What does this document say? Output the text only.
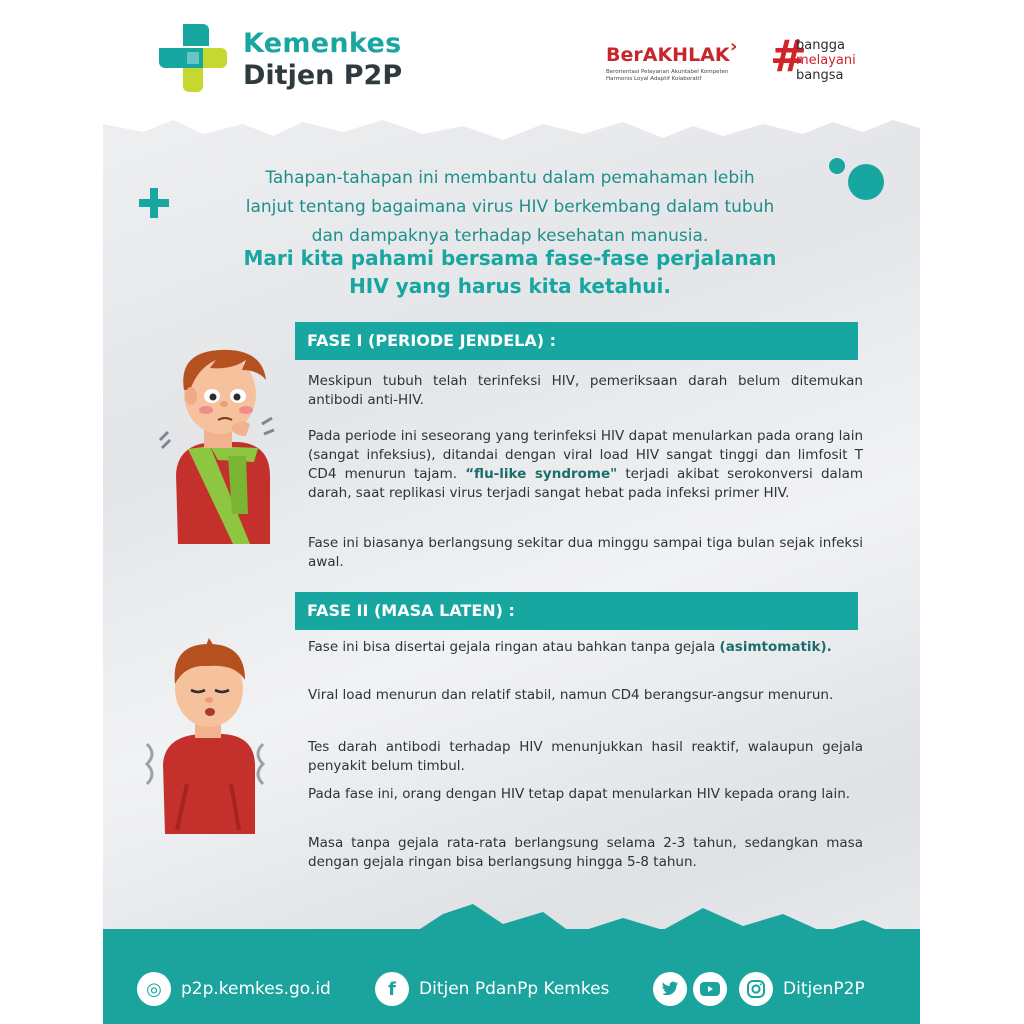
Kemenkes
Ditjen P2P
BerAKHLAK ›
Berorientasi Pelayanan Akuntabel Kompeten
Harmonis Loyal Adaptif Kolaboratif	#
bangga
melayani
bangsa
Tahapan-tahapan ini membantu dalam pemahaman lebih
lanjut tentang bagaimana virus HIV berkembang dalam tubuh
dan dampaknya terhadap kesehatan manusia.
Mari kita pahami bersama fase-fase perjalanan
HIV yang harus kita ketahui.
FASE I (PERIODE JENDELA) :
Meskipun tubuh telah terinfeksi HIV, pemeriksaan darah belum ditemukan antibodi anti-HIV.
Pada periode ini seseorang yang terinfeksi HIV dapat menularkan pada orang lain (sangat infeksius), ditandai dengan viral load HIV sangat tinggi dan limfosit T CD4 menurun tajam. “flu-like syndrome" terjadi akibat serokonversi dalam darah, saat replikasi virus terjadi sangat hebat pada infeksi primer HIV.
Fase ini biasanya berlangsung sekitar dua minggu sampai tiga bulan sejak infeksi awal.
FASE II (MASA LATEN) :
Fase ini bisa disertai gejala ringan atau bahkan tanpa gejala (asimtomatik).
Viral load menurun dan relatif stabil, namun CD4 berangsur-angsur menurun.
Tes darah antibodi terhadap HIV menunjukkan hasil reaktif, walaupun gejala penyakit belum timbul.
Pada fase ini, orang dengan HIV tetap dapat menularkan HIV kepada orang lain.
Masa tanpa gejala rata-rata berlangsung selama 2-3 tahun, sedangkan masa dengan gejala ringan bisa berlangsung hingga 5-8 tahun.
◎	p2p.kemkes.go.id	f	Ditjen PdanPp Kemkes	DitjenP2P
